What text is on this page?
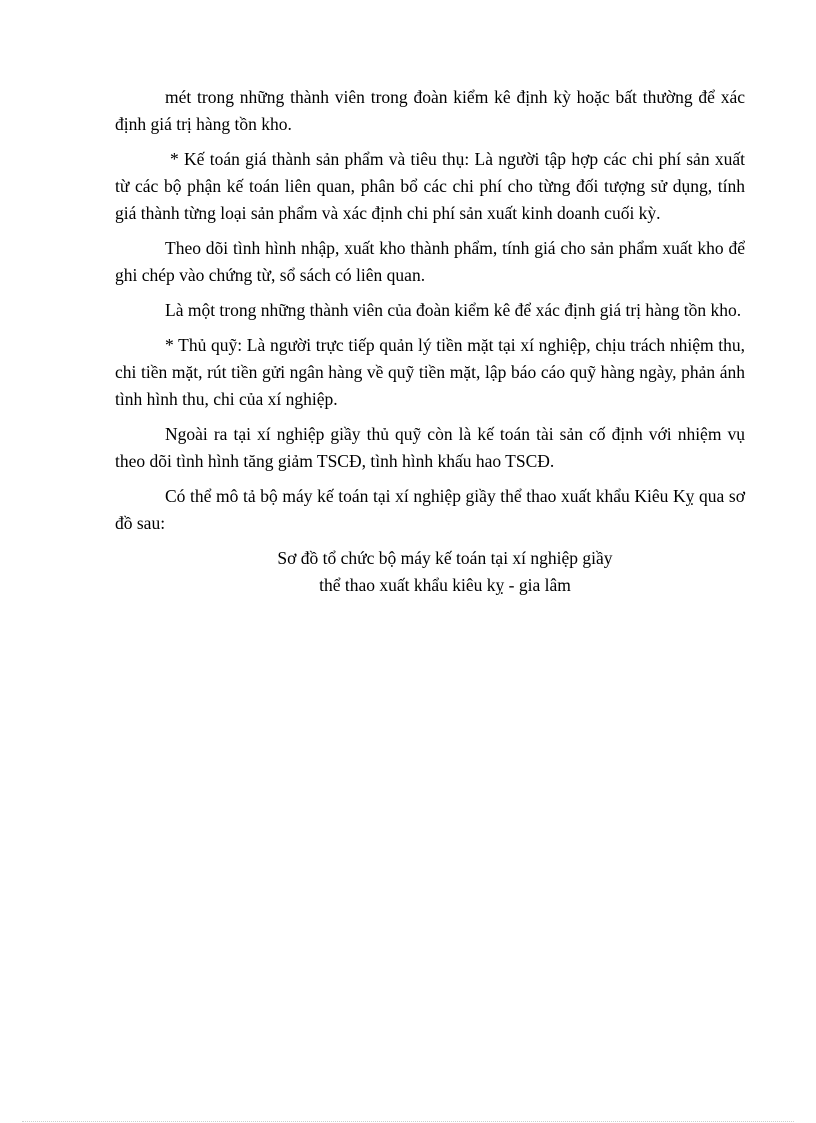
mét trong những thành viên trong đoàn kiểm kê định kỳ hoặc bất thường để xác định giá trị hàng tồn kho.

* Kế toán giá thành sản phẩm và tiêu thụ: Là người tập hợp các chi phí sản xuất từ các bộ phận kế toán liên quan, phân bổ các chi phí cho từng đối tượng sử dụng, tính giá thành từng loại sản phẩm và xác định chi phí sản xuất kinh doanh cuối kỳ.

Theo dõi tình hình nhập, xuất kho thành phẩm, tính giá cho sản phẩm xuất kho để ghi chép vào chứng từ, sổ sách có liên quan.

Là một trong những thành viên của đoàn kiểm kê để xác định giá trị hàng tồn kho.

* Thủ quỹ: Là người trực tiếp quản lý tiền mặt tại xí nghiệp, chịu trách nhiệm thu, chi tiền mặt, rút tiền gửi ngân hàng về quỹ tiền mặt, lập báo cáo quỹ hàng ngày, phản ánh tình hình thu, chi của xí nghiệp.

Ngoài ra tại xí nghiệp giầy thủ quỹ còn là kế toán tài sản cố định với nhiệm vụ theo dõi tình hình tăng giảm TSCĐ, tình hình khấu hao TSCĐ.

Có thể mô tả bộ máy kế toán tại xí nghiệp giầy thể thao xuất khẩu Kiêu Kỵ qua sơ đồ sau:

Sơ đồ tổ chức bộ máy kế toán tại xí nghiệp giầy

thể thao xuất khẩu kiêu kỵ - gia lâm
